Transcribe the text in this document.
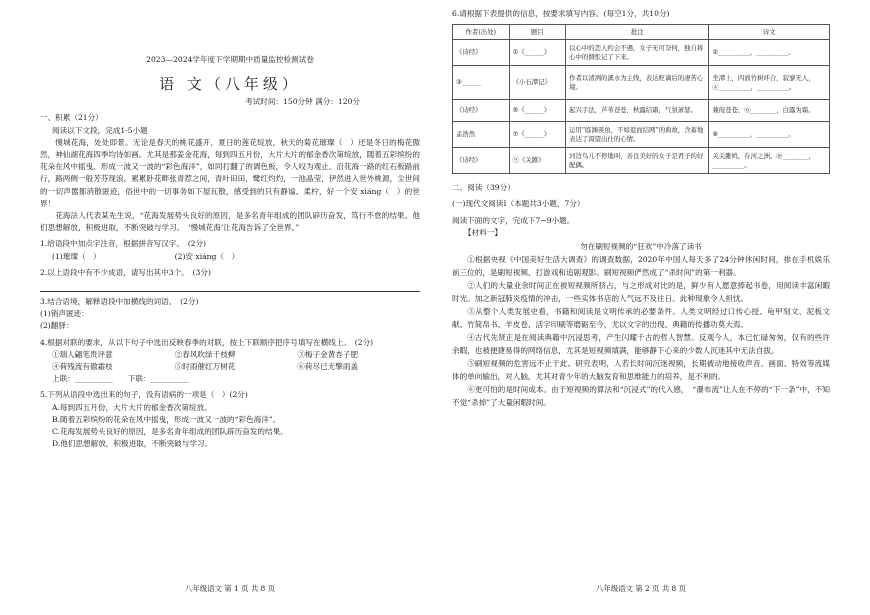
2023—2024学年度下学期期中质量监控检测试卷
语 文（八年级）
考试时间：150分钟 满分：120分
一、积累（21分）
阅读以下文段，完成1-5小题
慢城花海，处处即景。无论是春天的桃花盛开，夏日的莲花绽放，秋天的菊花璀璨（　）还是冬日的梅花傲然，神仙湖花海四季均诗如画。尤其是那姜金花海，每到四五月份，大片大片的郁金香次第绽放，随着五彩缤纷的花朵在风中摇曳，形成一波又一波的“彩色海洋”，如同打翻了的调色板，令人叹为观止。沿花海一路的红石板路前行，路两侧一般芳芬现浪，累累卧花畔张青惹之间，青叶田田，鹭红灼灼，一池晶莹，伊然进入世外桃源，尘世间的一切声嚣都消散匿迹，俗世中的一切事务如下屋瓦散，感受到的只有静谧、柔柠，好一个安 xiáng（　）的世界！
花海法人代表某先生说，“花海发展势头良好的原因，是多名青年组成的团队辟历奋发，笃行不怠的结果。他们思想解放，积极进取，不断突破与学习。　‘慢城花海’让花海告诉了全世界。”
1.给语段中加点字注音，根据拼音写汉字。　(2分)
(1)璀璨（　）	(2)安 xiáng（　）
2.以上语段中有不少成语，请写出其中3个。　(3分)
3.结合语境，解释语段中加横线的词语。　(2分)
(1)销声匿迹：
(2)翻驿：
4.根据对联的要求，从以下句子中选出反映春季的对联，按上下联顺序把序号填写在横线上。　(2分)
①瑞人翩笔贵评意	②春风吹绿千枝柳	③梅子金黄杏子肥
④荷残流有傲霜枝	⑤时雨催红万树花	⑥荷尽已无擎雨盖
上联：__________　　下联：__________
5.下列从语段中选出来的句子，没有语病的一项是（　）(2分)
A.每到四五月份，大片大片的郁金香次第绽放。
B.随着五彩缤纷的花朵在风中摇曳，形成一波又一波的“彩色海洋”。
C.花海发展势头良好的原因，是多名青年组成的团队辟历奋发的结果。
D.他们思想解放，积极进取，不断突破与学习。
八年级语文 第 1 页 共 8 页
6.请根据下表提供的信息，按要求填写内容。(每空1分，共10分)
作者(出处)	题目	批注	诗文
《诗经》	①《______》	以心中的恋人约会不遇，女子无可奈何，独自将心中的惆怅记了下来。	②__________，__________。
③______	《小石潭记》	作者以清冽的溪水为主线，表达贬谪后的凄苦心境。	坐潭上，四面竹树环合，寂寥无人，④__________，__________。
《诗经》	⑤《______》	起兴手法，芦苇苍苍，秋露结霜，气氛萧瑟。	蒹葭苍苍，⑥________，白露为霜。
孟浩然	⑦《______》	运用“临渊羡鱼，不如退而结网”的典故，含蓄地表达了渴望出仕的心情。	⑧__________，__________。
《诗经》	⑨《关雎》	河边鸟儿不停地叫，善良美好的女子是君子的好配偶。	关关雎鸠，在河之洲。⑩________，__________。
二、阅读（39分）
(一)现代文阅读Ⅰ（本题共3小题，7分）
阅读下面的文字，完成下7~9小题。
【材料一】
勿在刷短视频的“狂欢”中冷落了读书
①根据央视《中国美好生活大调查》的调查数据，2020年中国人每天多了24分钟休闲时间，排在手机娱乐前三位的，是刷短视频、打游戏和追剧观影。刷短视频俨然成了“杀时间”的第一利器。
②人们的大量业余时间正在被短视频所挤占，与之形成对比的是，鲜少有人愿意捧起书卷，用阅读丰富闲暇时光。加之新冠肺炎疫情的冲击，一些实体书店的人气远不及往日。此种现象令人担忧。
③从整个人类发展史看，书籍和阅读是文明传承的必要条件。人类文明经过口传心授、龟甲刻文、泥板文献、竹简帛书、羊皮卷、活字印刷等磨砺至今，尤以文字的出现、典籍的传播功莫大焉。
④古代先贤正是在阅读典籍中沉浸思考，产生闪耀千古的哲人智慧。反观今人，本已忙碌匆匆，仅有的些许余暇，也被便捷易得的网络信息，尤其是短视频填满，能够静下心来的少数人沉迷其中无法自拔。
⑤刷短视频的危害远不止于此。研究表明，人若长时间沉迷视频，长期被动地接收声音、画面、特效等流媒体的单向输出，对人脑，尤其对青少年的大脑发育和思维能力的培养，是不利的。
⑥更可怕的是时间成本。由于短视频的算法和“沉浸式”的代入感，　“瀑布流”让人在不停的“下一条”中，不知不觉“杀掉”了大量闲暇时间。
八年级语文 第 2 页 共 8 页
